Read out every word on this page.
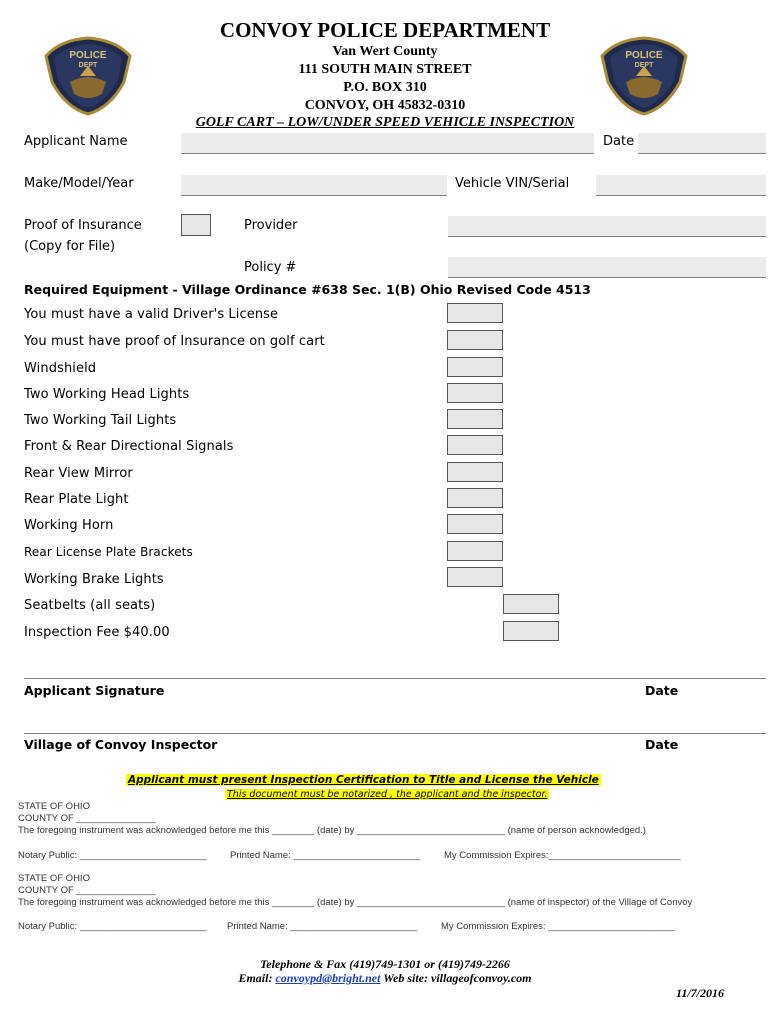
POLICE
DEPT
POLICE
DEPT
CONVOY POLICE DEPARTMENT
Van Wert County
111 SOUTH MAIN STREET
P.O. BOX 310
CONVOY, OH 45832-0310
GOLF CART – LOW/UNDER SPEED VEHICLE INSPECTION
Applicant Name	Date
Make/Model/Year	Vehicle VIN/Serial
Proof of Insurance
(Copy for File)
Provider
Policy #
Required Equipment - Village Ordinance #638 Sec. 1(B) Ohio Revised Code 4513
You must have a valid Driver's License
You must have proof of Insurance on golf cart
Windshield
Two Working Head Lights
Two Working Tail Lights
Front & Rear Directional Signals
Rear View Mirror
Rear Plate Light
Working Horn
Rear License Plate Brackets
Working Brake Lights
Seatbelts (all seats)
Inspection Fee $40.00
Applicant Signature	Date
Village of Convoy Inspector	Date
Applicant must present Inspection Certification to Title and License the Vehicle
This document must be notarized , the applicant and the inspector.
STATE OF OHIO
COUNTY OF _______________
The foregoing instrument was acknowledged before me this ________ (date) by ____________________________ (name of person acknowledged.)
Notary Public: ________________________ Printed Name: ________________________	My Commission Expires:_________________________
STATE OF OHIO
COUNTY OF _______________
The foregoing instrument was acknowledged before me this ________ (date) by ____________________________ (name of inspector) of the Village of Convoy
Notary Public: ________________________ Printed Name: ________________________	My Commission Expires: ________________________
Telephone & Fax (419)749-1301 or (419)749-2266
Email: convoypd@bright.net Web site: villageofconvoy.com
11/7/2016
